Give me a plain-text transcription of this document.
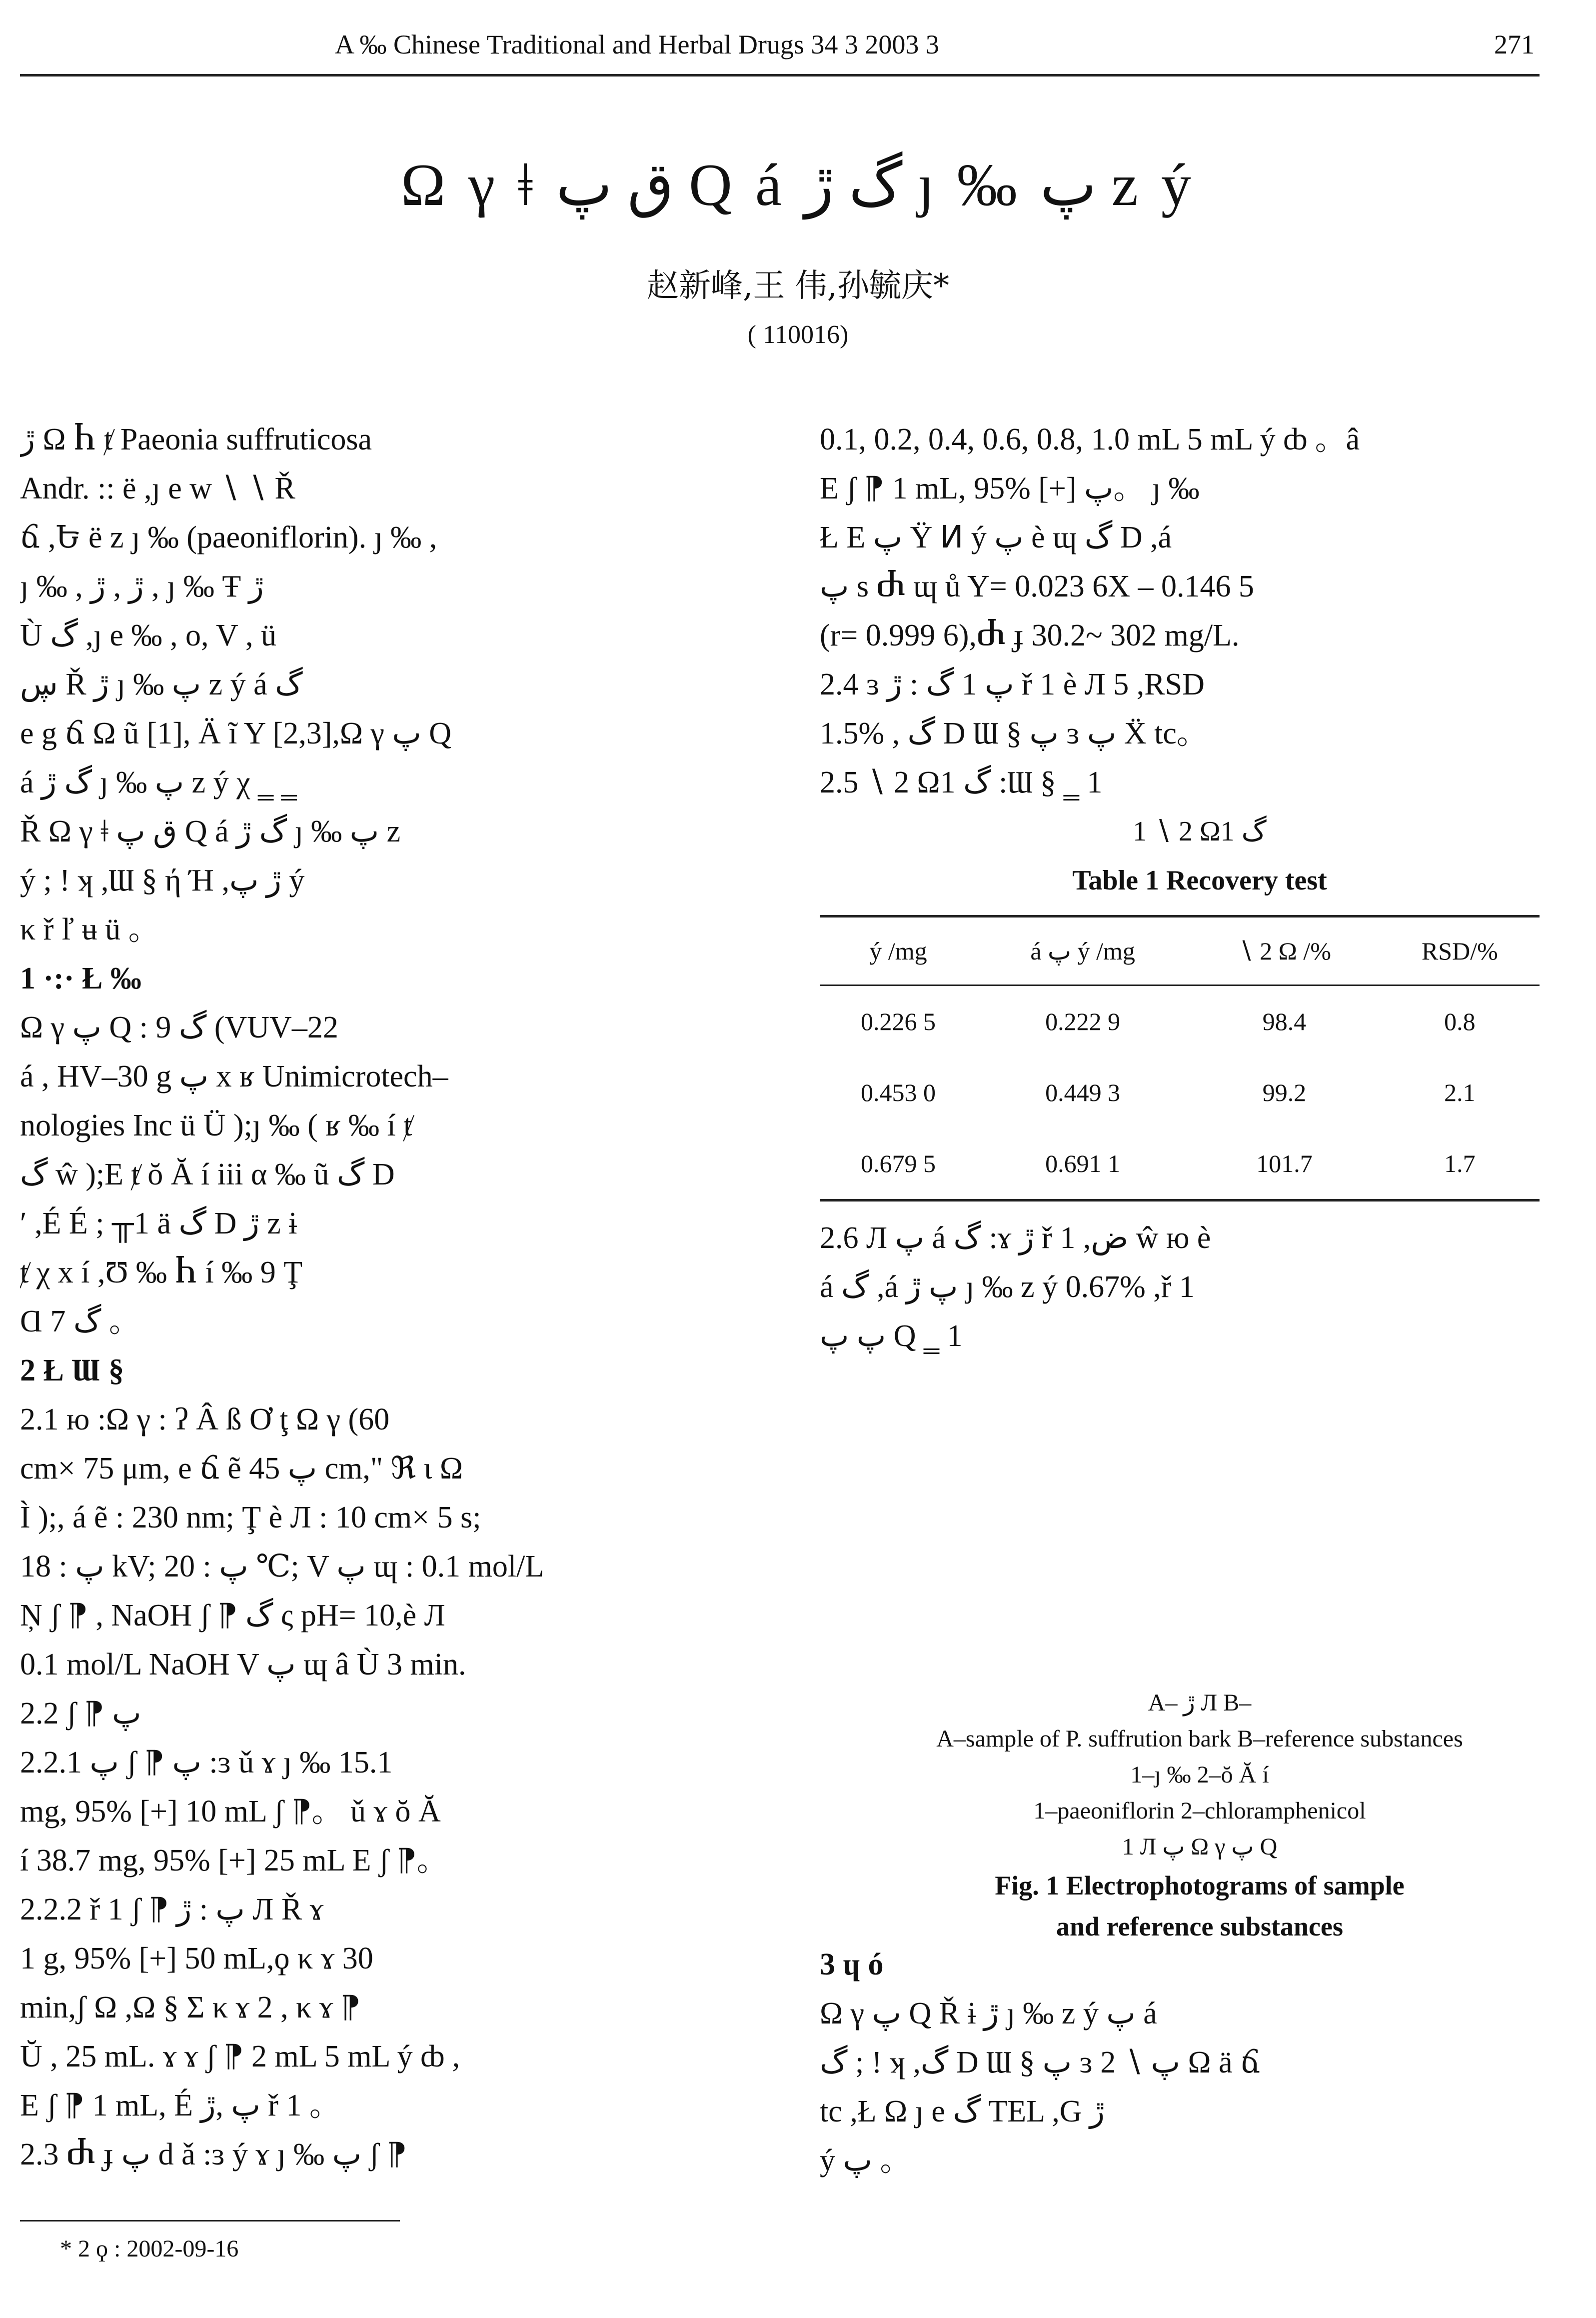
A ‰ Chinese Traditional and Herbal Drugs 34 3 2003 3	271
Ω γ ǂ ق پ Q á گ ڙ ȷ ‰ پ z ý
赵新峰,王 伟,孙毓庆*
( 110016)

ڙ Ω Ⴙ ⱦ Paeonia suffruticosa

Andr. :: ë ,ȷ e w ∖ ∖ Ř

ճ ,Ե ë z ȷ ‰ (paeoniflorin). ȷ ‰ ,

ȷ ‰ , ڙ , ڙ , ȷ ‰ Ŧ ڙ

Ù گ ,ȷ e ‰ , o, V , ü

ڛ Ř ڙ ȷ ‰ پ z ý á گ

e g ճ Ω ũ [1], Ä ĩ Y [2,3],Ω γ پ Q

á گ ڙ ȷ ‰ پ z ý χ ‗ ‗

Ř Ω γ ǂ ق پ Q á گ ڙ ȷ ‰ پ z

ý ; ! ʞ ,Ɯ § ή Ή ,ڙ پ ý

κ ř ľ ʉ ü 。

1 ·:· Ł ‰

Ω γ پ Q : گ 9 (VUV–22

á , HV–30 g پ x ʁ Unimicrotech–

nologies Inc ü Ü );ȷ ‰ ( ʁ ‰ í ⱦ

گ ŵ );E ⱦ ŏ Ă í iii α ‰ ũ گ D

ʹ ,É É ; ╥1 ä گ D ڙ z ɨ

ⱦ χ x í ,Ʊ ‰ Ⴙ í ‰ 9 Ţ

Ɑ 7 گ 。

2 Ł Ɯ §

2.1 ю :Ω γ : ʔ Â ß Ơ ţ Ω γ (60

cm× 75 μm, e ճ ẽ پ 45 cm," ℜ ι Ω

Ì );, á ẽ : 230 nm; Ţ è Л : 10 cm× 5 s;

پ : 18 kV; پ : 20 ℃; V پ ɰ : 0.1 mol/L

Ņ ʃ ⁋ , NaOH ʃ ⁋ گ ς pH= 10,è Л

0.1 mol/L NaOH V پ ɰ â Ù 3 min.

2.2 ʃ ⁋ پ

2.2.1 پ ʃ ⁋ پ :ɜ ǔ ɤ ȷ ‰ 15.1

mg, 95% [+] 10 mL ʃ ⁋。 ǔ ɤ ŏ Ă

í 38.7 mg, 95% [+] 25 mL E ʃ ⁋。

2.2.2 ř 1 ʃ ⁋ پ : ڙ Л Ř ɤ

1 g, 95% [+] 50 mL,ϙ κ ɤ 30

min,ʃ Ω ,Ω § Σ κ ɤ 2 , κ ɤ ⁋

Ŭ , 25 mL. ɤ ɤ ʃ ⁋ 2 mL 5 mL ý ȸ ,

E ʃ ⁋ 1 mL, É پ ,ڙ ř 1 。

2.3 Ⴛ ɟ پ d ǎ :ɜ ý ɤ ȷ ‰ پ ʃ ⁋

0.1, 0.2, 0.4, 0.6, 0.8, 1.0 mL 5 mL ý ȸ 。â

E ʃ ⁋ 1 mL, 95% [+] پ。 ȷ ‰

Ł E پ Ÿ ⵍ ý پ è ɰ گ D ,á

پ s Ⴛ ɰ ů Y= 0.023 6X – 0.146 5

(r= 0.999 6),Ⴛ ɟ 30.2~ 302 mg/L.

2.4 ɜ پ 1 گ : ڙ ř 1 è Л 5 ,RSD

1.5% , گ D Ɯ § پ ɜ پ Ẍ tc。

2.5 ∖ 2 Ω1 گ :Ɯ § ‗ 1

1 ∖ 2 Ω1 گ

Table 1 Recovery test

ý /mg	á پ ý /mg	∖ 2 Ω /%	RSD/%
0.226 5	0.222 9	98.4	0.8
0.453 0	0.449 3	99.2	2.1
0.679 5	0.691 1	101.7	1.7

2.6 Л پ á گ :ɤ ڙ ř 1 ,ض ŵ ю è

á گ ,á پ ڙ ȷ ‰ z ý 0.67% ,ř 1

پ پ Q ‗ 1

A– ڙ Л B–

A–sample of P. suffrution bark B–reference substances

1–ȷ ‰ 2–ŏ Ă í

1–paeoniflorin 2–chloramphenicol

1 Л پ Ω γ پ Q

Fig. 1 Electrophotograms of sample

and reference substances

3 ɥ ó

Ω γ پ Q Ř ɨ ڙ ȷ ‰ z ý پ á

گ ; ! ʞ ,گ D Ɯ § پ ɜ پ ∖ 2 Ω ä ճ

tc ,Ł Ω ȷ e گ TEL ,G ڙ

ý پ 。

* 2 ϙ : 2002-09-16
